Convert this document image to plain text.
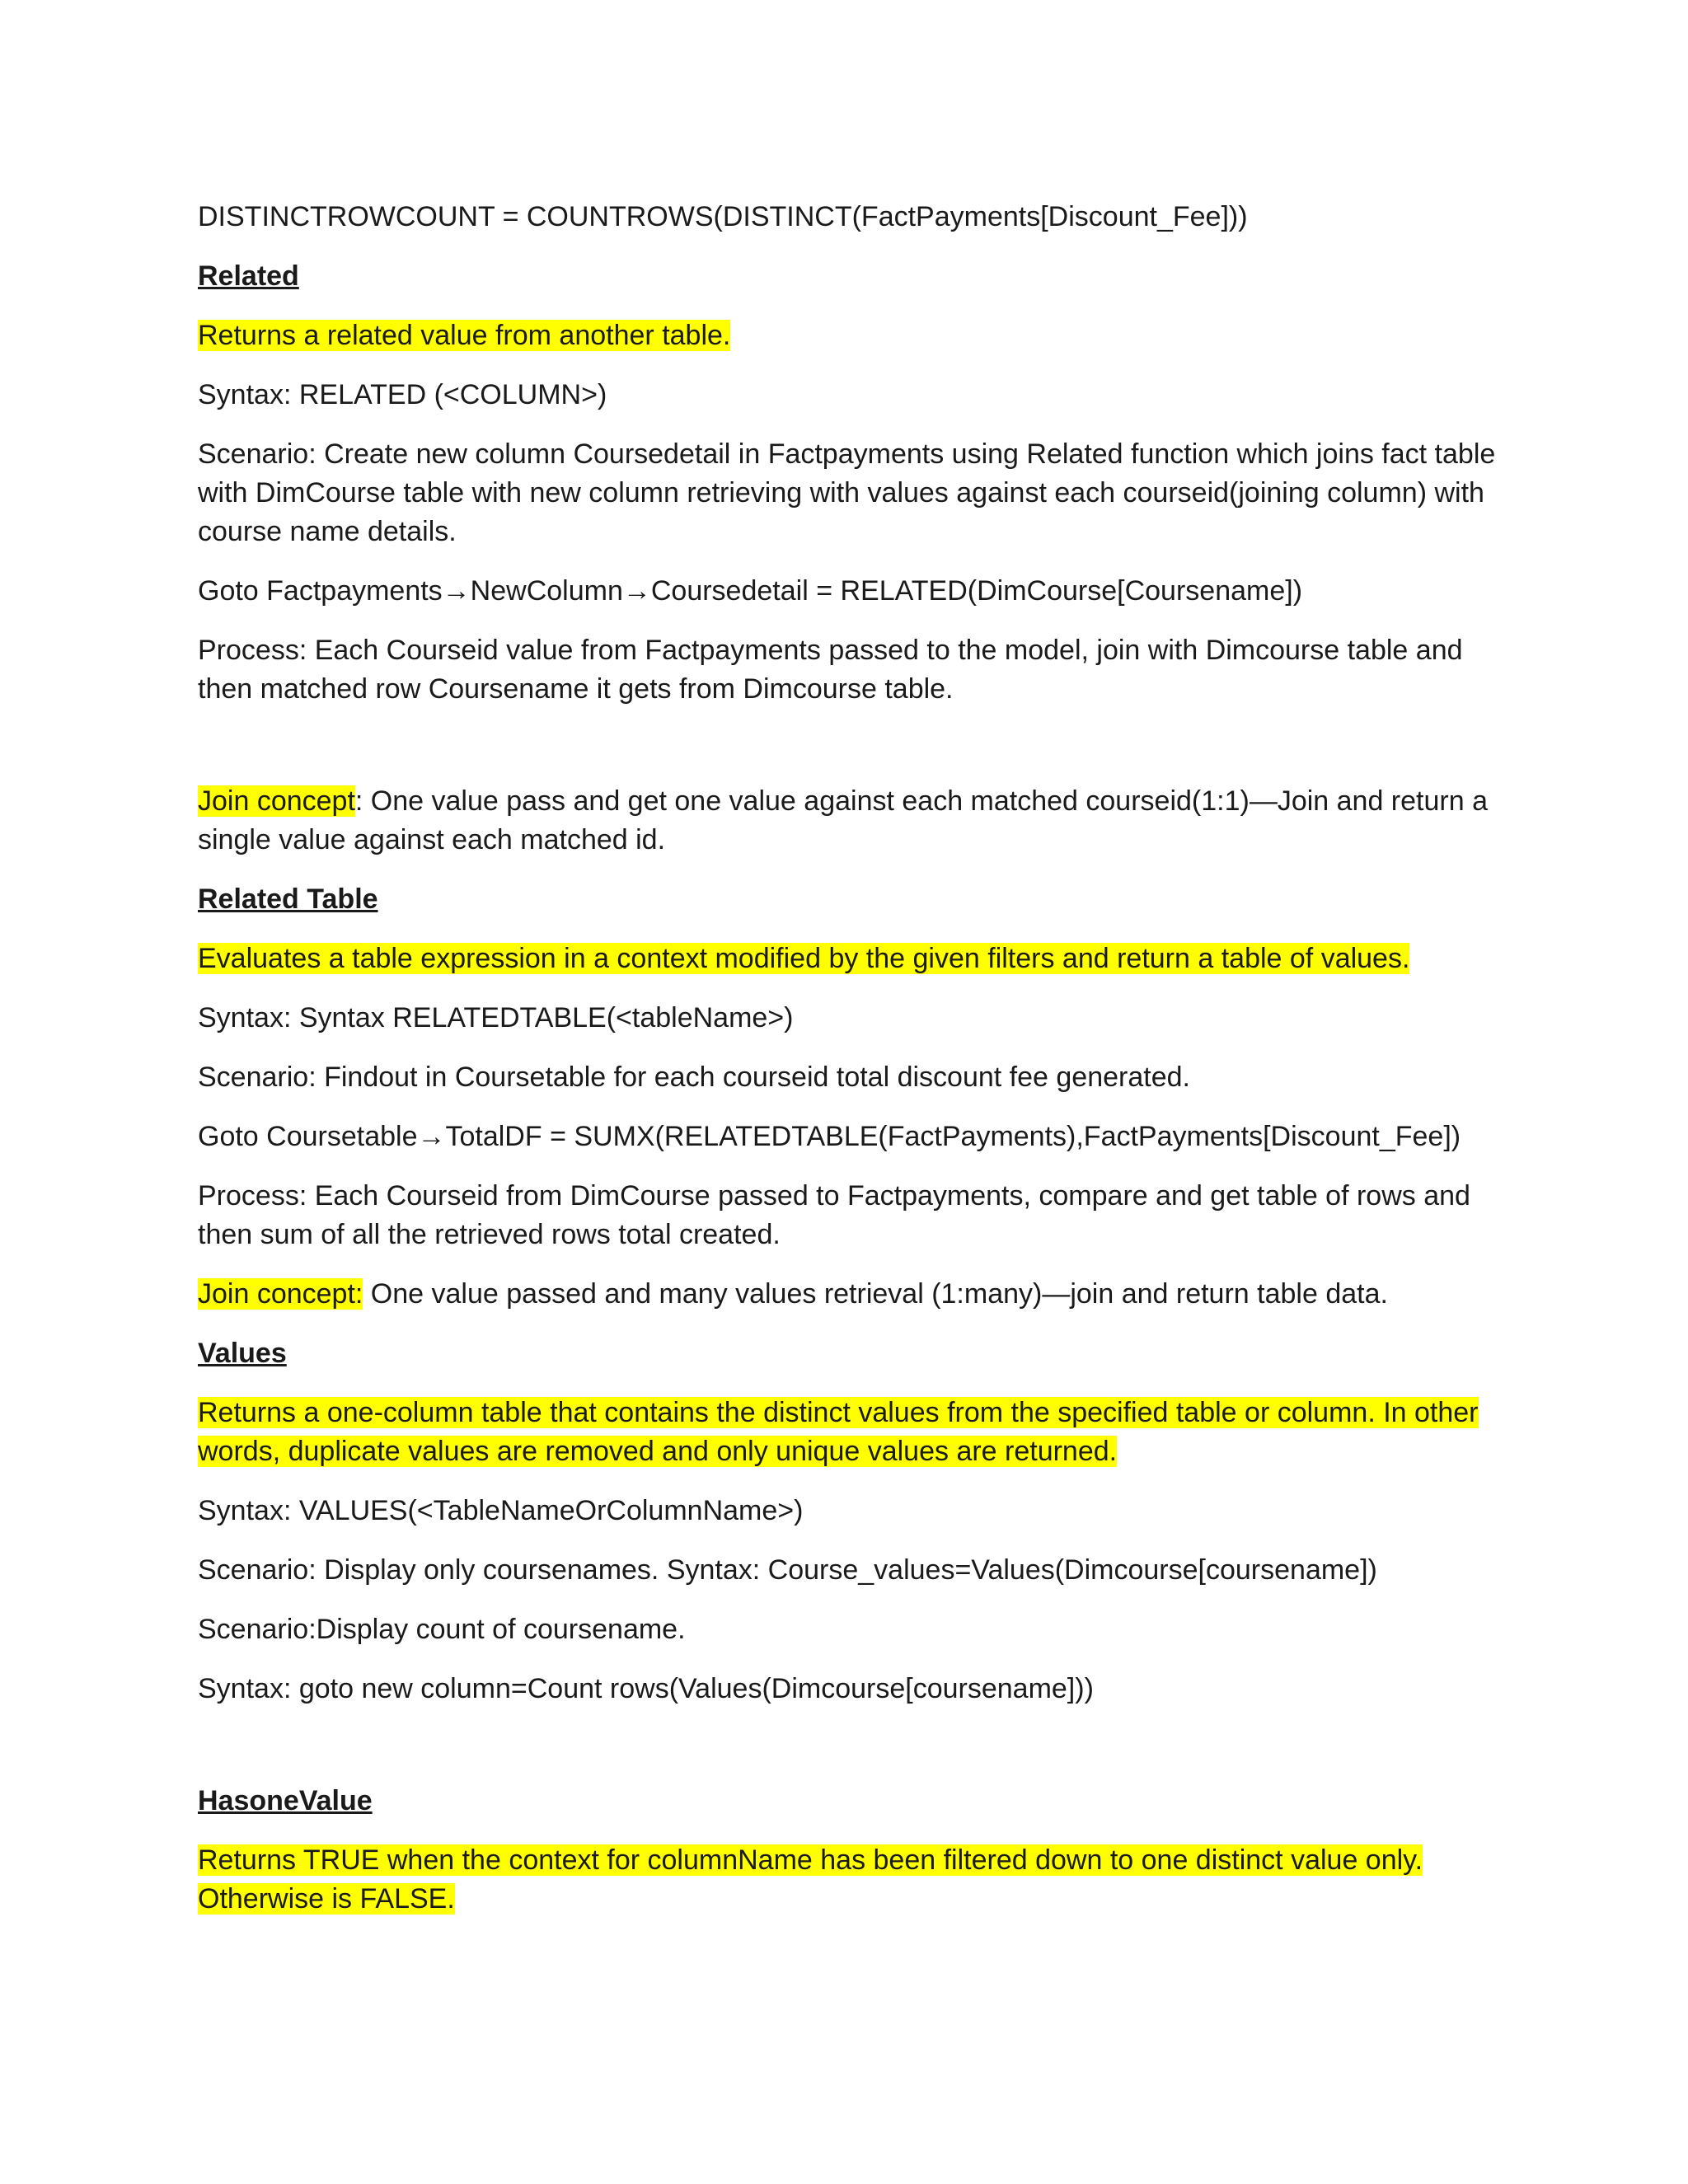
DISTINCTROWCOUNT = COUNTROWS(DISTINCT(FactPayments[Discount_Fee]))

Related

Returns a related value from another table.

Syntax: RELATED (<COLUMN>)

Scenario: Create new column Coursedetail in Factpayments using Related function which joins fact table with DimCourse table with new column retrieving with values against each courseid(joining column) with course name details.

Goto Factpayments→NewColumn→Coursedetail = RELATED(DimCourse[Coursename])

Process: Each Courseid value from Factpayments passed to the model, join with Dimcourse table and then matched row Coursename it gets from Dimcourse table.

Join concept: One value pass and get one value against each matched courseid(1:1)—Join and return a single value against each matched id.

Related Table

Evaluates a table expression in a context modified by the given filters and return a table of values.

Syntax: Syntax RELATEDTABLE(<tableName>)

Scenario: Findout in Coursetable for each courseid total discount fee generated.

Goto Coursetable→TotalDF = SUMX(RELATEDTABLE(FactPayments),FactPayments[Discount_Fee])

Process: Each Courseid from DimCourse passed to Factpayments, compare and get table of rows and then sum of all the retrieved rows total created.

Join concept: One value passed and many values retrieval (1:many)—join and return table data.

Values

Returns a one-column table that contains the distinct values from the specified table or column. In other words, duplicate values are removed and only unique values are returned.

Syntax: VALUES(<TableNameOrColumnName>)

Scenario: Display only coursenames. Syntax: Course_values=Values(Dimcourse[coursename])

Scenario:Display count of coursename.

Syntax: goto new column=Count rows(Values(Dimcourse[coursename]))

HasoneValue

Returns TRUE when the context for columnName has been filtered down to one distinct value only. Otherwise is FALSE.
